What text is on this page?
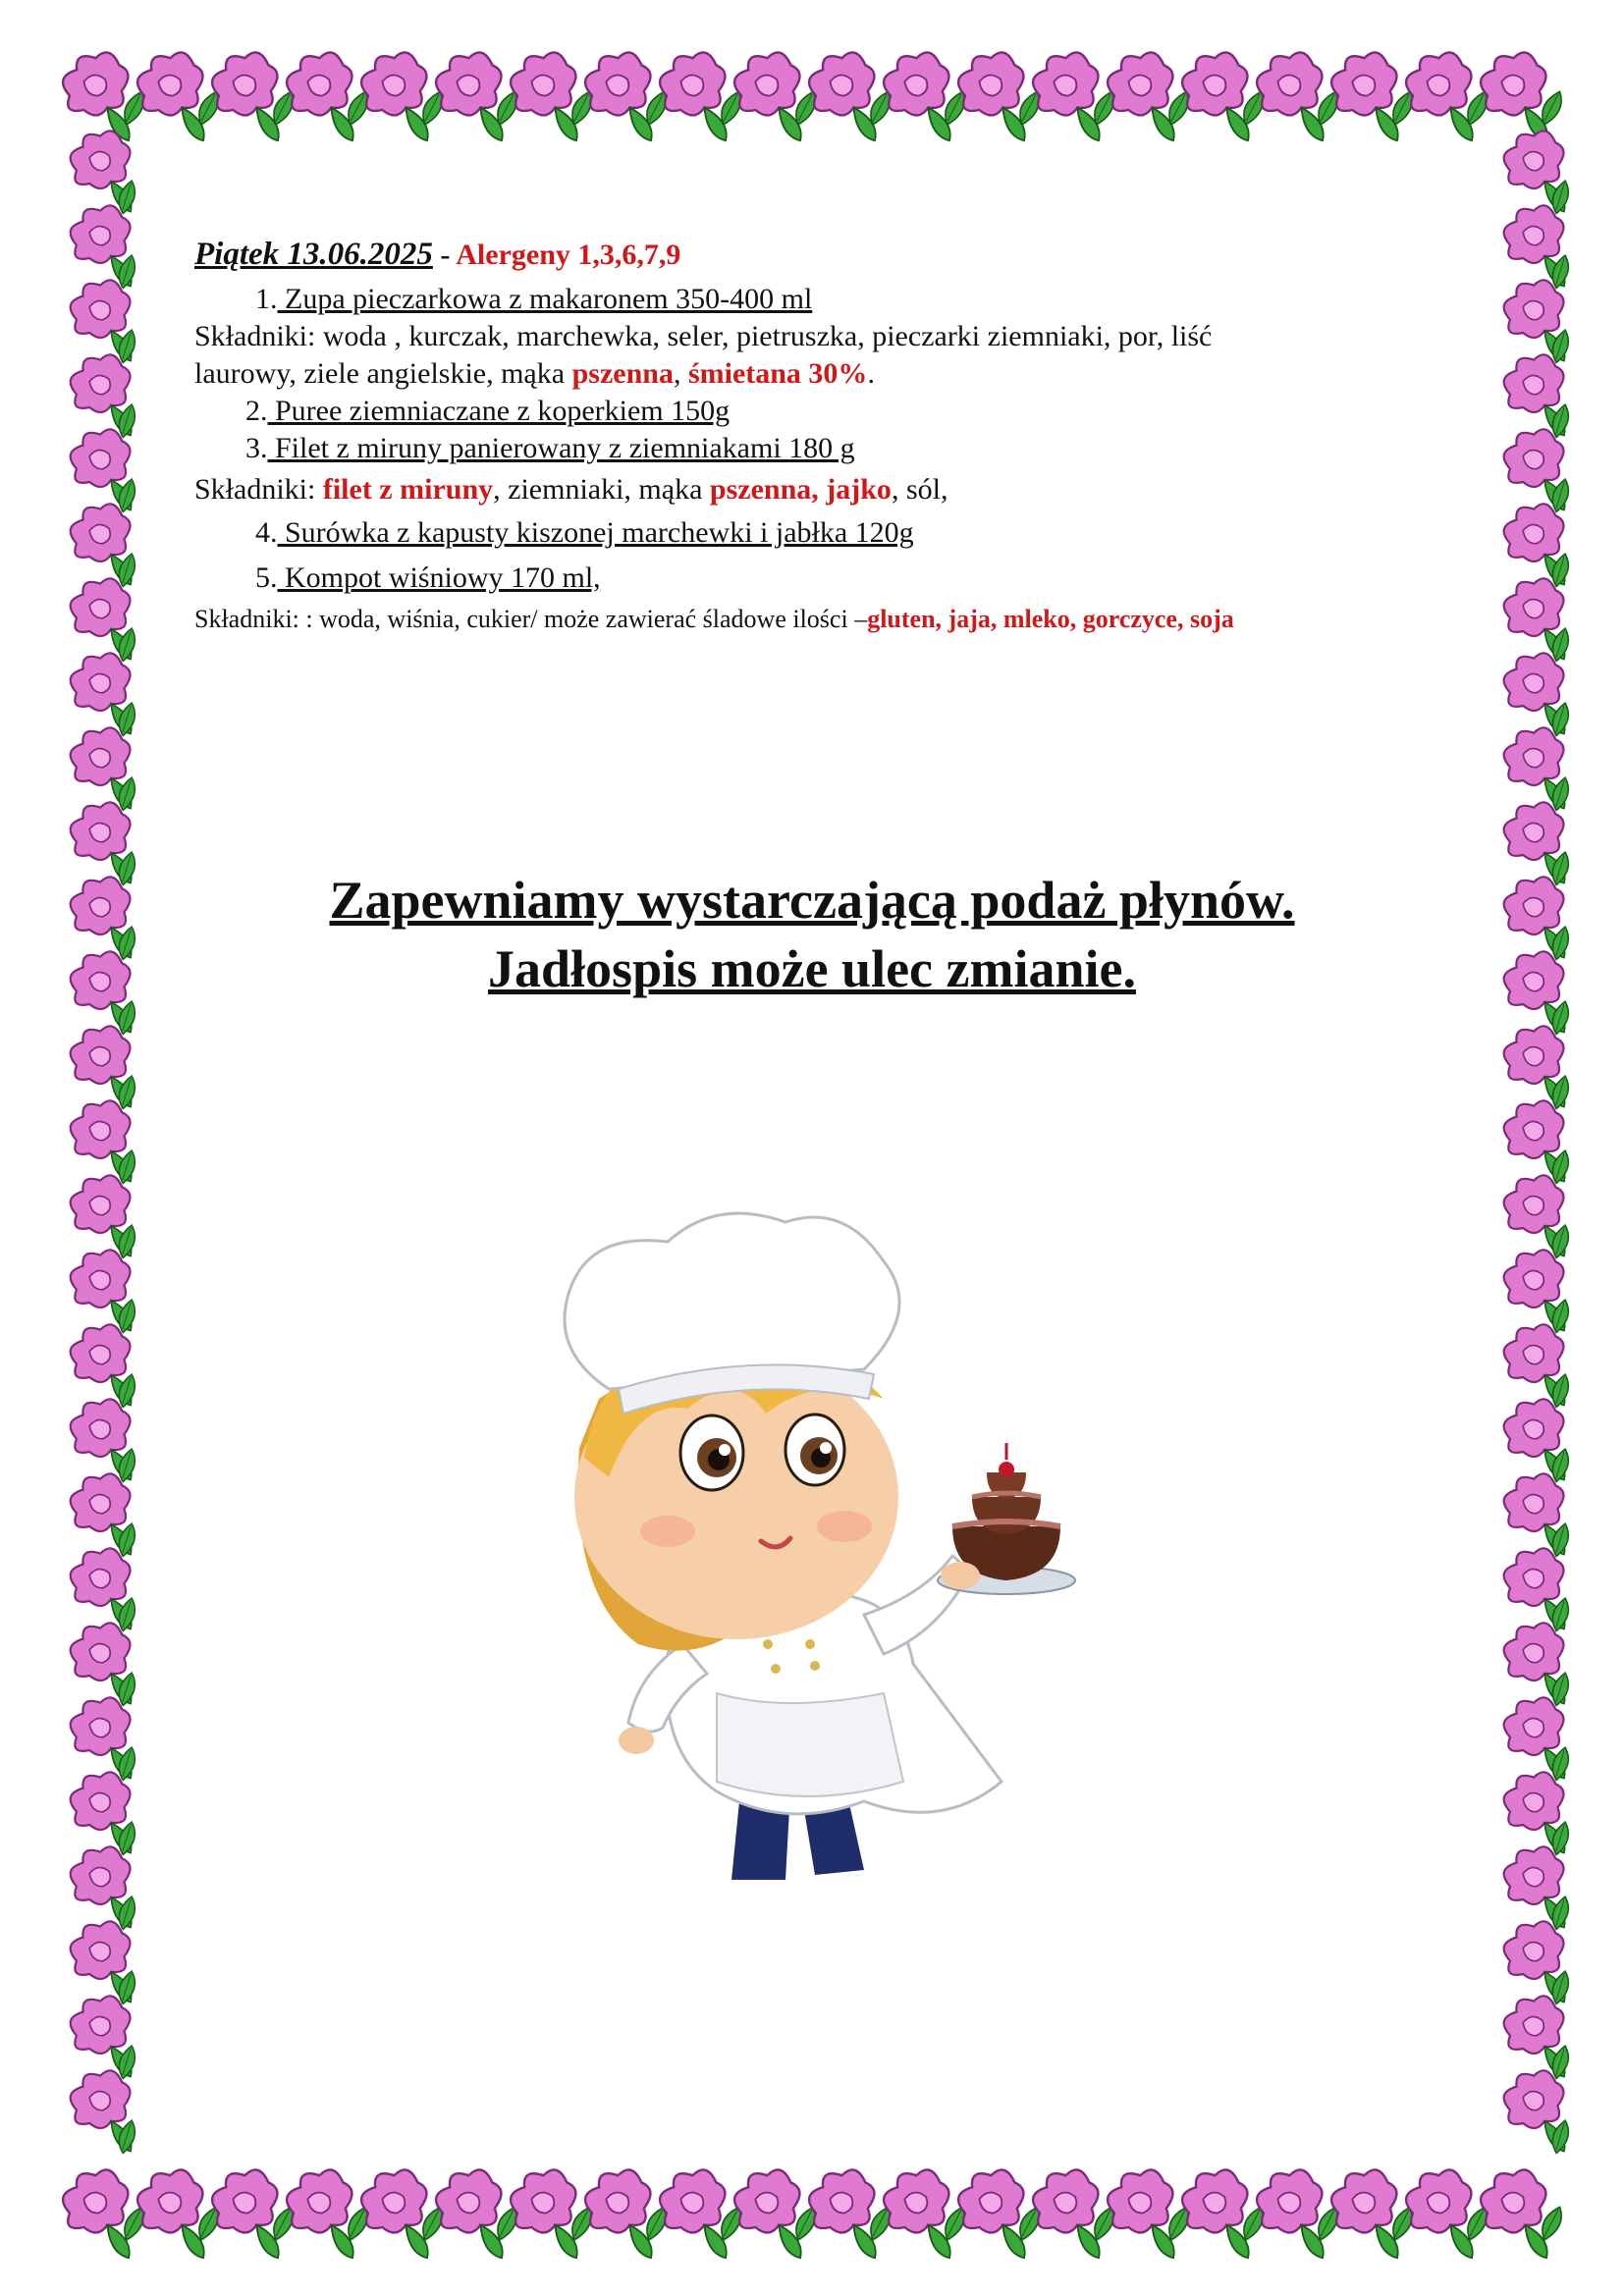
Piątek 13.06.2025 - Alergeny 1,3,6,7,9
1. Zupa pieczarkowa z makaronem 350-400 ml
Składniki: woda , kurczak, marchewka, seler, pietruszka, pieczarki ziemniaki, por, liść
laurowy, ziele angielskie, mąka pszenna, śmietana 30%.
2. Puree ziemniaczane z koperkiem 150g
3. Filet z miruny panierowany z ziemniakami 180 g
Składniki: filet z miruny, ziemniaki, mąka pszenna, jajko, sól,
4. Surówka z kapusty kiszonej marchewki i jabłka 120g
5. Kompot wiśniowy 170 ml,
Składniki: : woda, wiśnia, cukier/ może zawierać śladowe ilości –gluten, jaja, mleko, gorczyce, soja
Zapewniamy wystarczającą podaż płynów.
Jadłospis może ulec zmianie.
